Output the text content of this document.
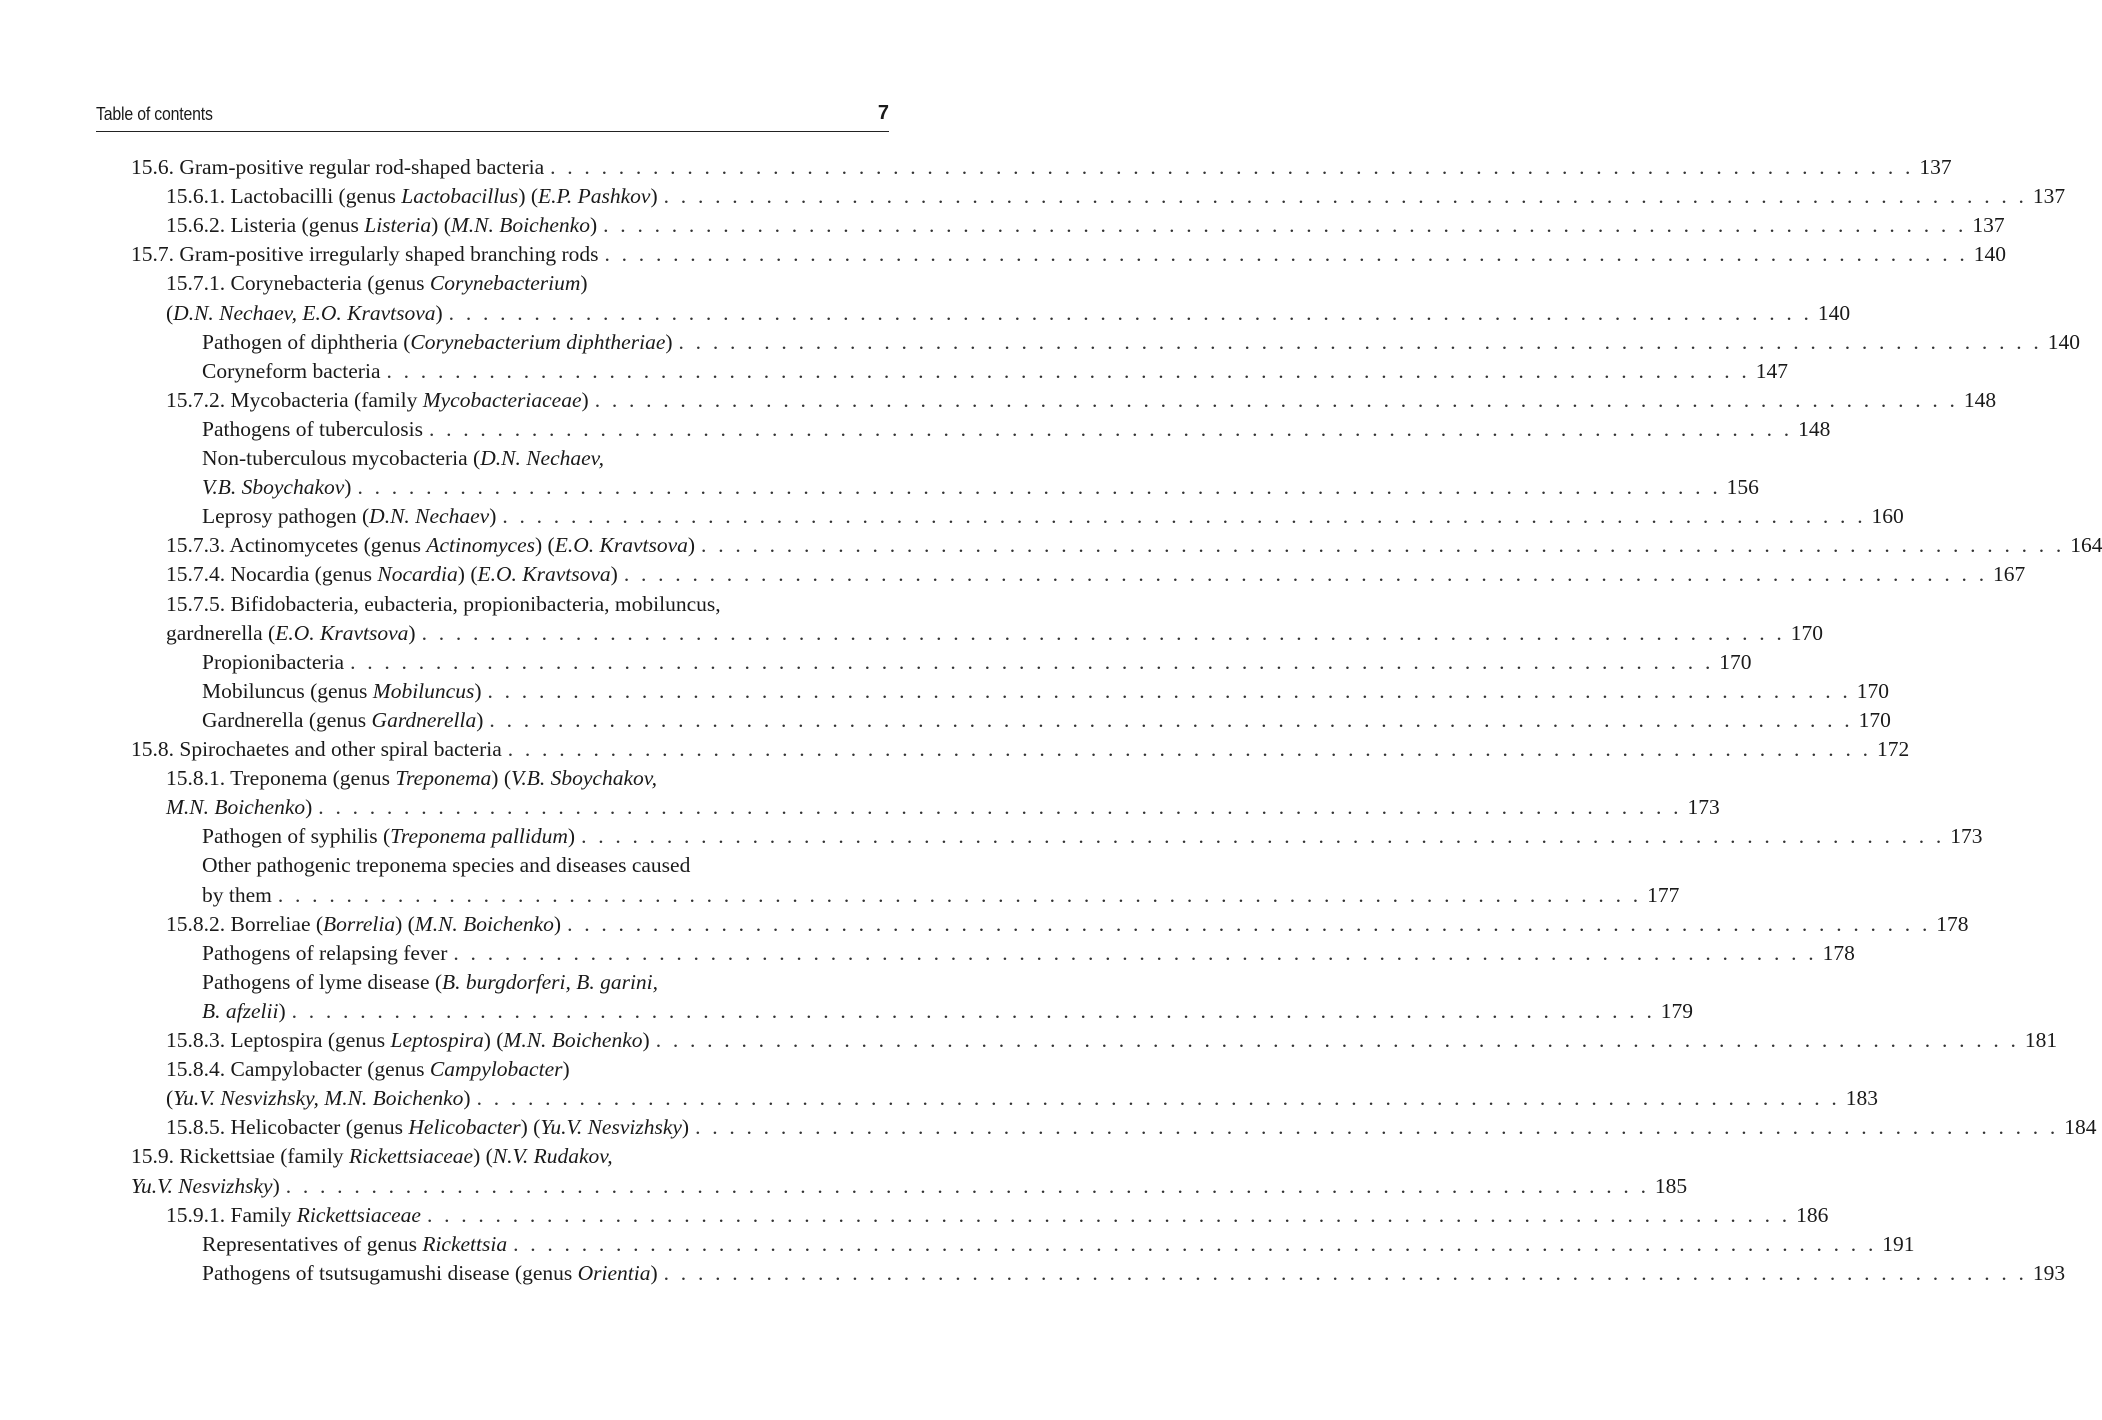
Table of contents	7
15.6. Gram-positive regular rod-shaped bacteria . . . . . . . . . . . . . . . . . . . . . . . . . . . . . . . . . . . . . . . . . . . . . . . . . . . . . . . . . . . . . . . . . . . . . . . . . . . . . . . . 137
15.6.1. Lactobacilli (genus Lactobacillus) (E.P. Pashkov) . . . . . . . . . . . . . . . . . . . . . . . . . . . . . . . . . . . . . . . . . . . . . . . . . . . . . . . . . . . . . . . . . . . . . . . . . . . . . . . . 137
15.6.2. Listeria (genus Listeria) (M.N. Boichenko) . . . . . . . . . . . . . . . . . . . . . . . . . . . . . . . . . . . . . . . . . . . . . . . . . . . . . . . . . . . . . . . . . . . . . . . . . . . . . . . . 137
15.7. Gram-positive irregularly shaped branching rods . . . . . . . . . . . . . . . . . . . . . . . . . . . . . . . . . . . . . . . . . . . . . . . . . . . . . . . . . . . . . . . . . . . . . . . . . . . . . . . . 140
15.7.1. Corynebacteria (genus Corynebacterium)
(D.N. Nechaev, E.O. Kravtsova) . . . . . . . . . . . . . . . . . . . . . . . . . . . . . . . . . . . . . . . . . . . . . . . . . . . . . . . . . . . . . . . . . . . . . . . . . . . . . . . . 140
Pathogen of diphtheria (Corynebacterium diphtheriae) . . . . . . . . . . . . . . . . . . . . . . . . . . . . . . . . . . . . . . . . . . . . . . . . . . . . . . . . . . . . . . . . . . . . . . . . . . . . . . . . 140
Coryneform bacteria . . . . . . . . . . . . . . . . . . . . . . . . . . . . . . . . . . . . . . . . . . . . . . . . . . . . . . . . . . . . . . . . . . . . . . . . . . . . . . . . 147
15.7.2. Mycobacteria (family Mycobacteriaceae) . . . . . . . . . . . . . . . . . . . . . . . . . . . . . . . . . . . . . . . . . . . . . . . . . . . . . . . . . . . . . . . . . . . . . . . . . . . . . . . . 148
Pathogens of tuberculosis . . . . . . . . . . . . . . . . . . . . . . . . . . . . . . . . . . . . . . . . . . . . . . . . . . . . . . . . . . . . . . . . . . . . . . . . . . . . . . . . 148
Non-tuberculous mycobacteria (D.N. Nechaev,
V.B. Sboychakov) . . . . . . . . . . . . . . . . . . . . . . . . . . . . . . . . . . . . . . . . . . . . . . . . . . . . . . . . . . . . . . . . . . . . . . . . . . . . . . . . 156
Leprosy pathogen (D.N. Nechaev) . . . . . . . . . . . . . . . . . . . . . . . . . . . . . . . . . . . . . . . . . . . . . . . . . . . . . . . . . . . . . . . . . . . . . . . . . . . . . . . . 160
15.7.3. Actinomycetes (genus Actinomyces) (E.O. Kravtsova) . . . . . . . . . . . . . . . . . . . . . . . . . . . . . . . . . . . . . . . . . . . . . . . . . . . . . . . . . . . . . . . . . . . . . . . . . . . . . . . . 164
15.7.4. Nocardia (genus Nocardia) (E.O. Kravtsova) . . . . . . . . . . . . . . . . . . . . . . . . . . . . . . . . . . . . . . . . . . . . . . . . . . . . . . . . . . . . . . . . . . . . . . . . . . . . . . . . 167
15.7.5. Bifidobacteria, eubacteria, propionibacteria, mobiluncus,
gardnerella (E.O. Kravtsova) . . . . . . . . . . . . . . . . . . . . . . . . . . . . . . . . . . . . . . . . . . . . . . . . . . . . . . . . . . . . . . . . . . . . . . . . . . . . . . . . 170
Propionibacteria . . . . . . . . . . . . . . . . . . . . . . . . . . . . . . . . . . . . . . . . . . . . . . . . . . . . . . . . . . . . . . . . . . . . . . . . . . . . . . . . 170
Mobiluncus (genus Mobiluncus) . . . . . . . . . . . . . . . . . . . . . . . . . . . . . . . . . . . . . . . . . . . . . . . . . . . . . . . . . . . . . . . . . . . . . . . . . . . . . . . . 170
Gardnerella (genus Gardnerella) . . . . . . . . . . . . . . . . . . . . . . . . . . . . . . . . . . . . . . . . . . . . . . . . . . . . . . . . . . . . . . . . . . . . . . . . . . . . . . . . 170
15.8. Spirochaetes and other spiral bacteria . . . . . . . . . . . . . . . . . . . . . . . . . . . . . . . . . . . . . . . . . . . . . . . . . . . . . . . . . . . . . . . . . . . . . . . . . . . . . . . . 172
15.8.1. Treponema (genus Treponema) (V.B. Sboychakov,
M.N. Boichenko) . . . . . . . . . . . . . . . . . . . . . . . . . . . . . . . . . . . . . . . . . . . . . . . . . . . . . . . . . . . . . . . . . . . . . . . . . . . . . . . . 173
Pathogen of syphilis (Treponema pallidum) . . . . . . . . . . . . . . . . . . . . . . . . . . . . . . . . . . . . . . . . . . . . . . . . . . . . . . . . . . . . . . . . . . . . . . . . . . . . . . . . 173
Other pathogenic treponema species and diseases caused
by them . . . . . . . . . . . . . . . . . . . . . . . . . . . . . . . . . . . . . . . . . . . . . . . . . . . . . . . . . . . . . . . . . . . . . . . . . . . . . . . . 177
15.8.2. Borreliae (Borrelia) (M.N. Boichenko) . . . . . . . . . . . . . . . . . . . . . . . . . . . . . . . . . . . . . . . . . . . . . . . . . . . . . . . . . . . . . . . . . . . . . . . . . . . . . . . . 178
Pathogens of relapsing fever . . . . . . . . . . . . . . . . . . . . . . . . . . . . . . . . . . . . . . . . . . . . . . . . . . . . . . . . . . . . . . . . . . . . . . . . . . . . . . . . 178
Pathogens of lyme disease (B. burgdorferi, B. garini,
B. afzelii) . . . . . . . . . . . . . . . . . . . . . . . . . . . . . . . . . . . . . . . . . . . . . . . . . . . . . . . . . . . . . . . . . . . . . . . . . . . . . . . . 179
15.8.3. Leptospira (genus Leptospira) (M.N. Boichenko) . . . . . . . . . . . . . . . . . . . . . . . . . . . . . . . . . . . . . . . . . . . . . . . . . . . . . . . . . . . . . . . . . . . . . . . . . . . . . . . . 181
15.8.4. Campylobacter (genus Campylobacter)
(Yu.V. Nesvizhsky, M.N. Boichenko) . . . . . . . . . . . . . . . . . . . . . . . . . . . . . . . . . . . . . . . . . . . . . . . . . . . . . . . . . . . . . . . . . . . . . . . . . . . . . . . . 183
15.8.5. Helicobacter (genus Helicobacter) (Yu.V. Nesvizhsky) . . . . . . . . . . . . . . . . . . . . . . . . . . . . . . . . . . . . . . . . . . . . . . . . . . . . . . . . . . . . . . . . . . . . . . . . . . . . . . . . 184
15.9. Rickettsiae (family Rickettsiaceae) (N.V. Rudakov,
Yu.V. Nesvizhsky) . . . . . . . . . . . . . . . . . . . . . . . . . . . . . . . . . . . . . . . . . . . . . . . . . . . . . . . . . . . . . . . . . . . . . . . . . . . . . . . . 185
15.9.1. Family Rickettsiaceae . . . . . . . . . . . . . . . . . . . . . . . . . . . . . . . . . . . . . . . . . . . . . . . . . . . . . . . . . . . . . . . . . . . . . . . . . . . . . . . . 186
Representatives of genus Rickettsia . . . . . . . . . . . . . . . . . . . . . . . . . . . . . . . . . . . . . . . . . . . . . . . . . . . . . . . . . . . . . . . . . . . . . . . . . . . . . . . . 191
Pathogens of tsutsugamushi disease (genus Orientia) . . . . . . . . . . . . . . . . . . . . . . . . . . . . . . . . . . . . . . . . . . . . . . . . . . . . . . . . . . . . . . . . . . . . . . . . . . . . . . . . 193
